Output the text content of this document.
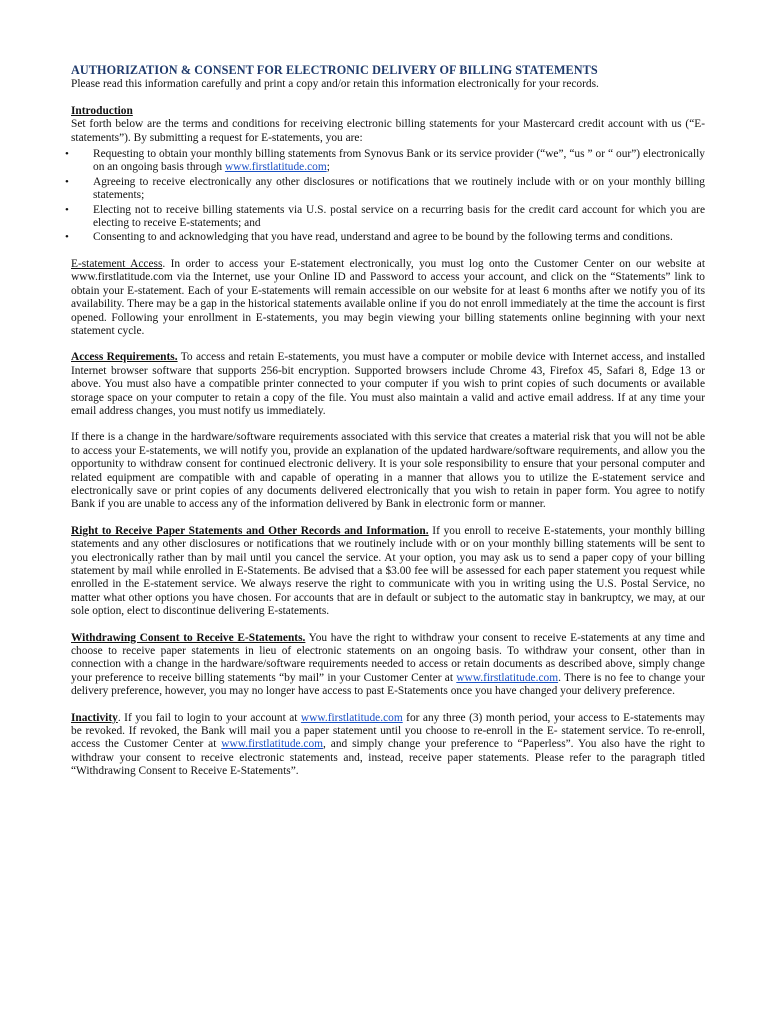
AUTHORIZATION & CONSENT FOR ELECTRONIC DELIVERY OF BILLING STATEMENTS

Please read this information carefully and print a copy and/or retain this information electronically for your records.

Introduction

Set forth below are the terms and conditions for receiving electronic billing statements for your Mastercard credit account with us (“E-statements”). By submitting a request for E-statements, you are:

• Requesting to obtain your monthly billing statements from Synovus Bank or its service provider (“we”, “us ” or “ our”) electronically on an ongoing basis through www.firstlatitude.com;
• Agreeing to receive electronically any other disclosures or notifications that we routinely include with or on your monthly billing statements;
• Electing not to receive billing statements via U.S. postal service on a recurring basis for the credit card account for which you are electing to receive E-statements; and
• Consenting to and acknowledging that you have read, understand and agree to be bound by the following terms and conditions.

E-statement Access. In order to access your E-statement electronically, you must log onto the Customer Center on our website at www.firstlatitude.com via the Internet, use your Online ID and Password to access your account, and click on the “Statements” link to obtain your E-statement. Each of your E-statements will remain accessible on our website for at least 6 months after we notify you of its availability. There may be a gap in the historical statements available online if you do not enroll immediately at the time the account is first opened. Following your enrollment in E-statements, you may begin viewing your billing statements online beginning with your next statement cycle.

Access Requirements. To access and retain E-statements, you must have a computer or mobile device with Internet access, and installed Internet browser software that supports 256-bit encryption. Supported browsers include Chrome 43, Firefox 45, Safari 8, Edge 13 or above. You must also have a compatible printer connected to your computer if you wish to print copies of such documents or available storage space on your computer to retain a copy of the file. You must also maintain a valid and active email address. If at any time your email address changes, you must notify us immediately.

If there is a change in the hardware/software requirements associated with this service that creates a material risk that you will not be able to access your E-statements, we will notify you, provide an explanation of the updated hardware/software requirements, and allow you the opportunity to withdraw consent for continued electronic delivery. It is your sole responsibility to ensure that your personal computer and related equipment are compatible with and capable of operating in a manner that allows you to utilize the E-statement service and electronically save or print copies of any documents delivered electronically that you wish to retain in paper form. You agree to notify Bank if you are unable to access any of the information delivered by Bank in electronic form or manner.

Right to Receive Paper Statements and Other Records and Information. If you enroll to receive E-statements, your monthly billing statements and any other disclosures or notifications that we routinely include with or on your monthly billing statements will be sent to you electronically rather than by mail until you cancel the service. At your option, you may ask us to send a paper copy of your billing statement by mail while enrolled in E-Statements. Be advised that a $3.00 fee will be assessed for each paper statement you request while enrolled in the E-statement service. We always reserve the right to communicate with you in writing using the U.S. Postal Service, no matter what other options you have chosen. For accounts that are in default or subject to the automatic stay in bankruptcy, we may, at our sole option, elect to discontinue delivering E-statements.

Withdrawing Consent to Receive E-Statements. You have the right to withdraw your consent to receive E-statements at any time and choose to receive paper statements in lieu of electronic statements on an ongoing basis. To withdraw your consent, other than in connection with a change in the hardware/software requirements needed to access or retain documents as described above, simply change your preference to receive billing statements “by mail” in your Customer Center at www.firstlatitude.com. There is no fee to change your delivery preference, however, you may no longer have access to past E-Statements once you have changed your delivery preference.

Inactivity. If you fail to login to your account at www.firstlatitude.com for any three (3) month period, your access to E-statements may be revoked. If revoked, the Bank will mail you a paper statement until you choose to re-enroll in the E- statement service. To re-enroll, access the Customer Center at www.firstlatitude.com, and simply change your preference to “Paperless”. You also have the right to withdraw your consent to receive electronic statements and, instead, receive paper statements. Please refer to the paragraph titled “Withdrawing Consent to Receive E-Statements”.
